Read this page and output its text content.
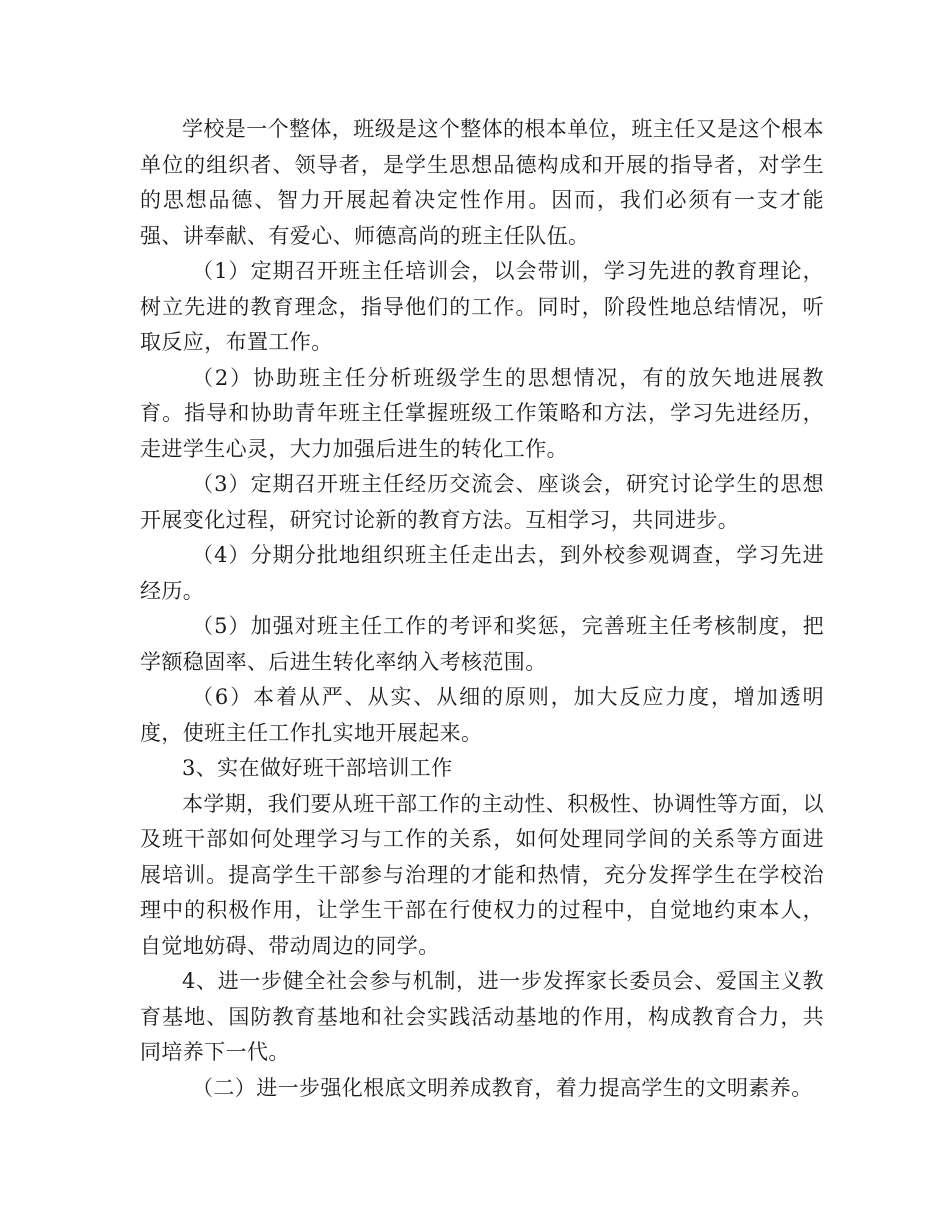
学校是一个整体，班级是这个整体的根本单位，班主任又是这个根本单位的组织者、领导者，是学生思想品德构成和开展的指导者，对学生的思想品德、智力开展起着决定性作用。因而，我们必须有一支才能强、讲奉献、有爱心、师德高尚的班主任队伍。

（1）定期召开班主任培训会，以会带训，学习先进的教育理论，树立先进的教育理念，指导他们的工作。同时，阶段性地总结情况，听取反应，布置工作。

（2）协助班主任分析班级学生的思想情况，有的放矢地进展教育。指导和协助青年班主任掌握班级工作策略和方法，学习先进经历，走进学生心灵，大力加强后进生的转化工作。

（3）定期召开班主任经历交流会、座谈会，研究讨论学生的思想开展变化过程，研究讨论新的教育方法。互相学习，共同进步。

（4）分期分批地组织班主任走出去，到外校参观调查，学习先进经历。

（5）加强对班主任工作的考评和奖惩，完善班主任考核制度，把学额稳固率、后进生转化率纳入考核范围。

（6）本着从严、从实、从细的原则，加大反应力度，增加透明度，使班主任工作扎实地开展起来。

3、实在做好班干部培训工作

本学期，我们要从班干部工作的主动性、积极性、协调性等方面，以及班干部如何处理学习与工作的关系，如何处理同学间的关系等方面进展培训。提高学生干部参与治理的才能和热情，充分发挥学生在学校治理中的积极作用，让学生干部在行使权力的过程中，自觉地约束本人，自觉地妨碍、带动周边的同学。

4、进一步健全社会参与机制，进一步发挥家长委员会、爱国主义教育基地、国防教育基地和社会实践活动基地的作用，构成教育合力，共同培养下一代。

（二）进一步强化根底文明养成教育，着力提高学生的文明素养。
